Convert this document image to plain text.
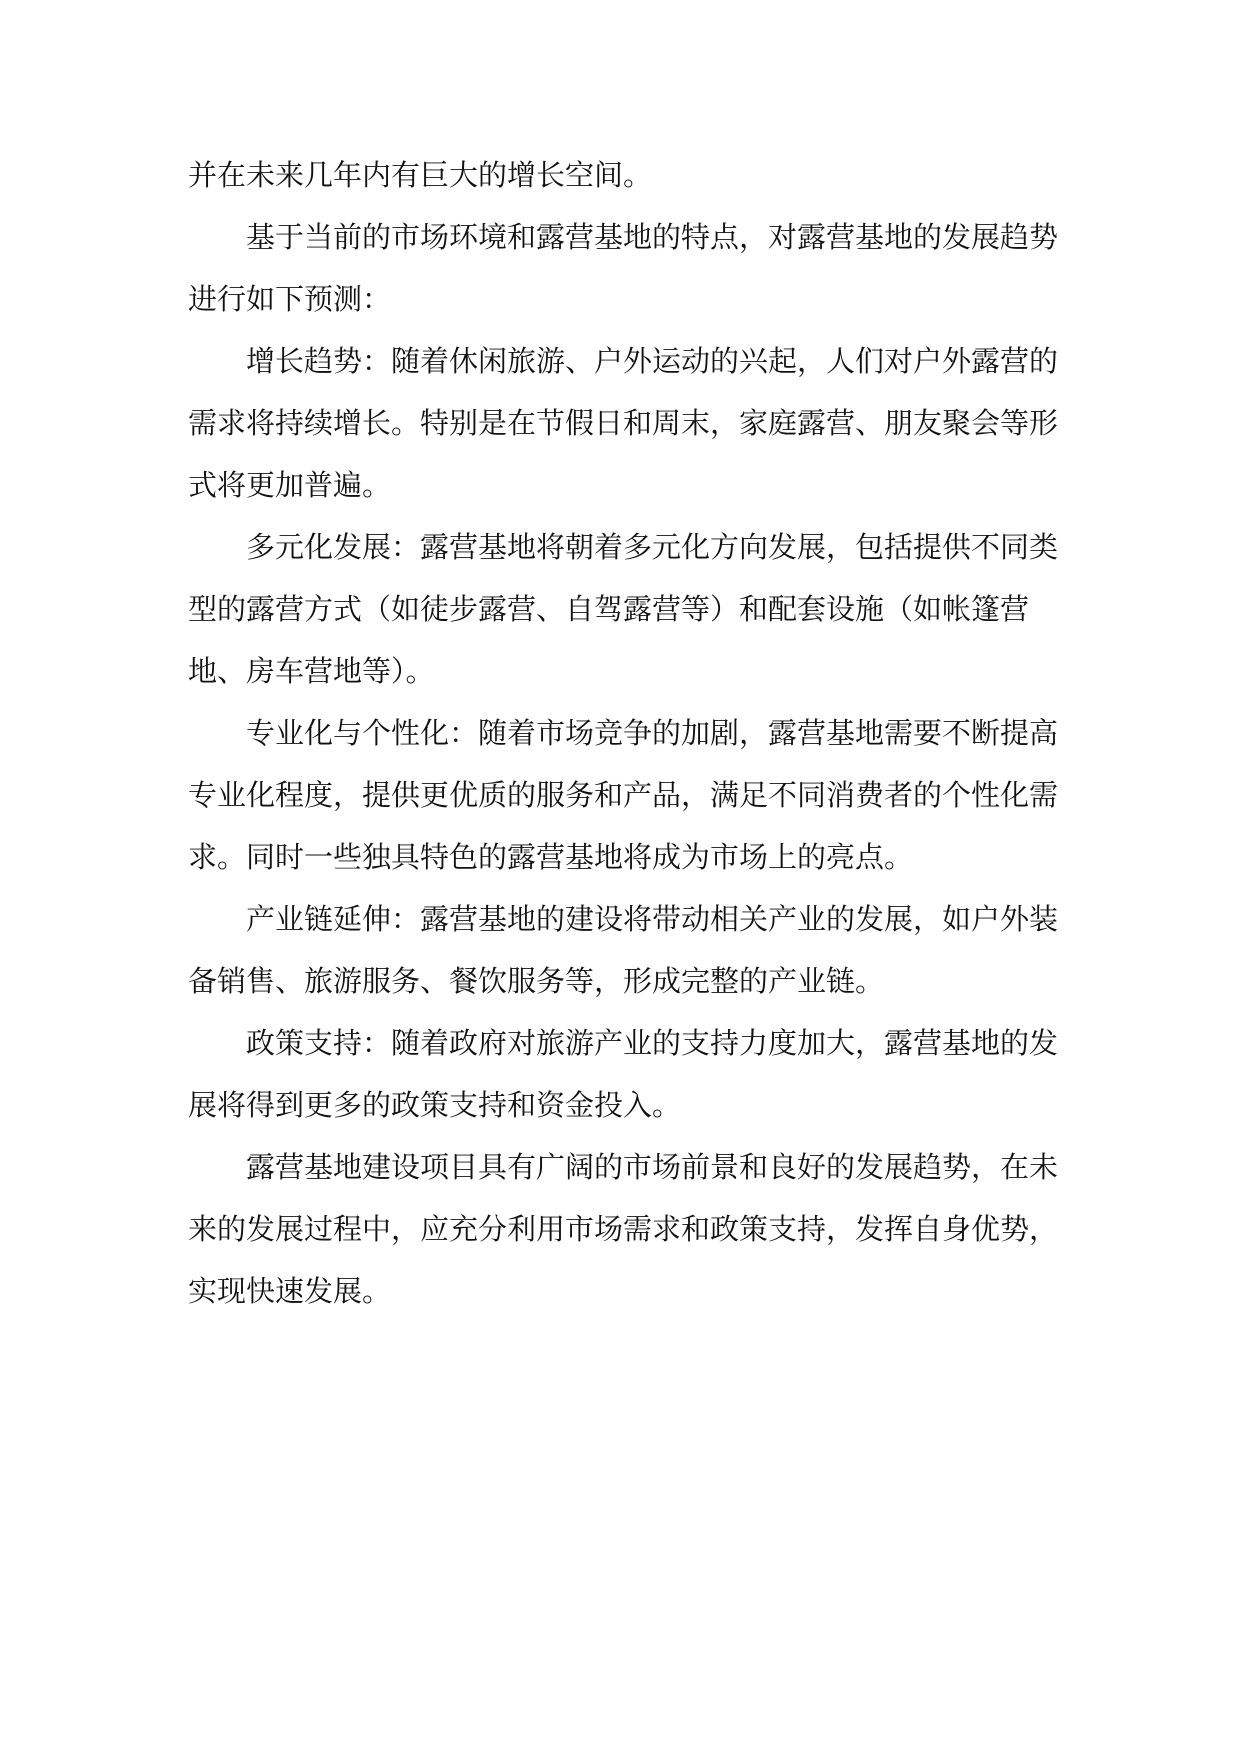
并在未来几年内有巨大的增长空间。

基于当前的市场环境和露营基地的特点，对露营基地的发展趋势进行如下预测：

增长趋势：随着休闲旅游、户外运动的兴起，人们对户外露营的需求将持续增长。特别是在节假日和周末，家庭露营、朋友聚会等形式将更加普遍。

多元化发展：露营基地将朝着多元化方向发展，包括提供不同类型的露营方式（如徒步露营、自驾露营等）和配套设施（如帐篷营地、房车营地等）。

专业化与个性化：随着市场竞争的加剧，露营基地需要不断提高专业化程度，提供更优质的服务和产品，满足不同消费者的个性化需求。同时一些独具特色的露营基地将成为市场上的亮点。

产业链延伸：露营基地的建设将带动相关产业的发展，如户外装备销售、旅游服务、餐饮服务等，形成完整的产业链。

政策支持：随着政府对旅游产业的支持力度加大，露营基地的发展将得到更多的政策支持和资金投入。

露营基地建设项目具有广阔的市场前景和良好的发展趋势，在未来的发展过程中，应充分利用市场需求和政策支持，发挥自身优势，实现快速发展。
